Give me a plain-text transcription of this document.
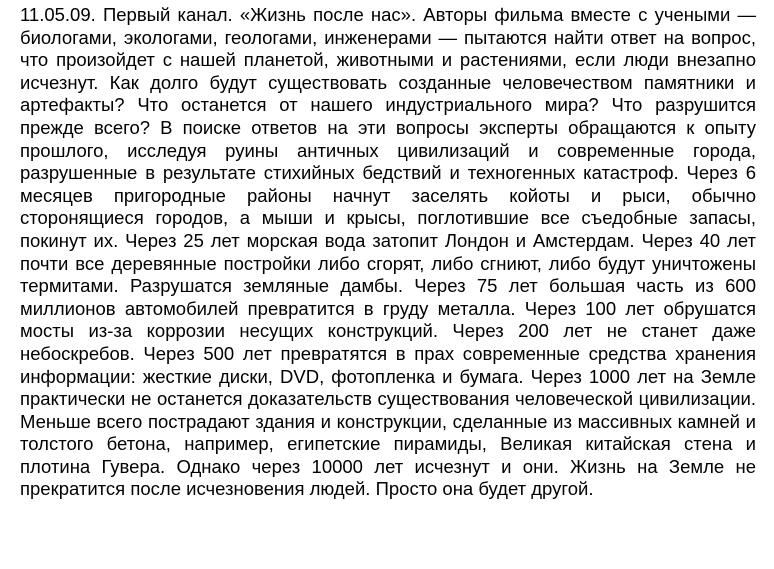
11.05.09. Первый канал. «Жизнь после нас». Авторы фильма вместе с учеными — биологами, экологами, геологами, инженерами — пытаются найти ответ на вопрос, что произойдет с нашей планетой, животными и растениями, если люди внезапно исчезнут. Как долго будут существовать созданные человечеством памятники и артефакты? Что останется от нашего индустриального мира? Что разрушится прежде всего? В поиске ответов на эти вопросы эксперты обращаются к опыту прошлого, исследуя руины античных цивилизаций и современные города, разрушенные в результате стихийных бедствий и техногенных катастроф. Через 6 месяцев пригородные районы начнут заселять койоты и рыси, обычно сторонящиеся городов, а мыши и крысы, поглотившие все съедобные запасы, покинут их. Через 25 лет морская вода затопит Лондон и Амстердам. Через 40 лет почти все деревянные постройки либо сгорят, либо сгниют, либо будут уничтожены термитами. Разрушатся земляные дамбы. Через 75 лет большая часть из 600 миллионов автомобилей превратится в груду металла. Через 100 лет обрушатся мосты из-за коррозии несущих конструкций. Через 200 лет не станет даже небоскребов. Через 500 лет превратятся в прах современные средства хранения информации: жесткие диски, DVD, фотопленка и бумага. Через 1000 лет на Земле практически не останется доказательств существования человеческой цивилизации. Меньше всего пострадают здания и конструкции, сделанные из массивных камней и толстого бетона, например, египетские пирамиды, Великая китайская стена и плотина Гувера. Однако через 10000 лет исчезнут и они. Жизнь на Земле не прекратится после исчезновения людей. Просто она будет другой.
